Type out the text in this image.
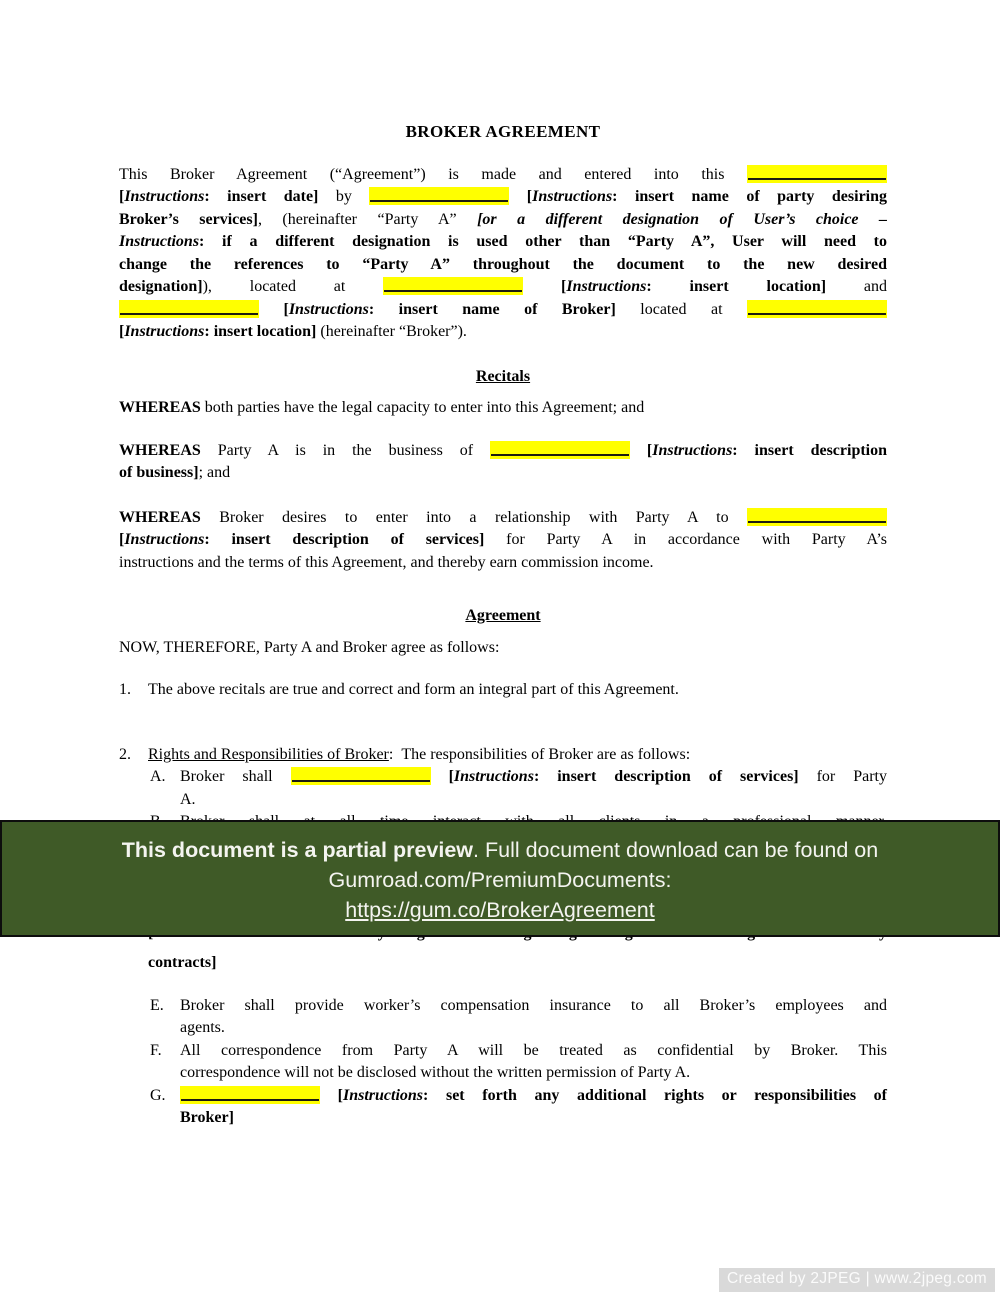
BROKER AGREEMENT
This Broker Agreement (“Agreement”) is made and entered into this
[Instructions: insert date] by	[Instructions: insert name of party desiring
Broker’s services], (hereinafter “Party A” [or a different designation of User’s choice –
Instructions: if a different designation is used other than “Party A”, User will need to
change the references to “Party A” throughout the document to the new desired
designation]), located at	[Instructions: insert location] and
[Instructions: insert name of Broker] located at
[Instructions: insert location] (hereinafter “Broker”).
Recitals
WHEREAS both parties have the legal capacity to enter into this Agreement; and
WHEREAS Party A is in the business of	[Instructions: insert description
of business]; and
WHEREAS Broker desires to enter into a relationship with Party A to
[Instructions: insert description of services] for Party A in accordance with Party A’s
instructions and the terms of this Agreement, and thereby earn commission income.
Agreement
NOW, THEREFORE, Party A and Broker agree as follows:
1. The above recitals are true and correct and form an integral part of this Agreement.
2. Rights and Responsibilities of Broker:  The responsibilities of Broker are as follows:
A. Broker shall	[Instructions: insert description of services] for Party
A.
contracts]
E. Broker shall provide worker’s compensation insurance to all Broker’s employees and
agents.
F. All correspondence from Party A will be treated as confidential by Broker. This
correspondence will not be disclosed without the written permission of Party A.
G.	[Instructions: set forth any additional rights or responsibilities of
Broker]
This document is a partial preview. Full document download can be found on
Gumroad.com/PremiumDocuments:
https://gum.co/BrokerAgreement
Created by 2JPEG | www.2jpeg.com
